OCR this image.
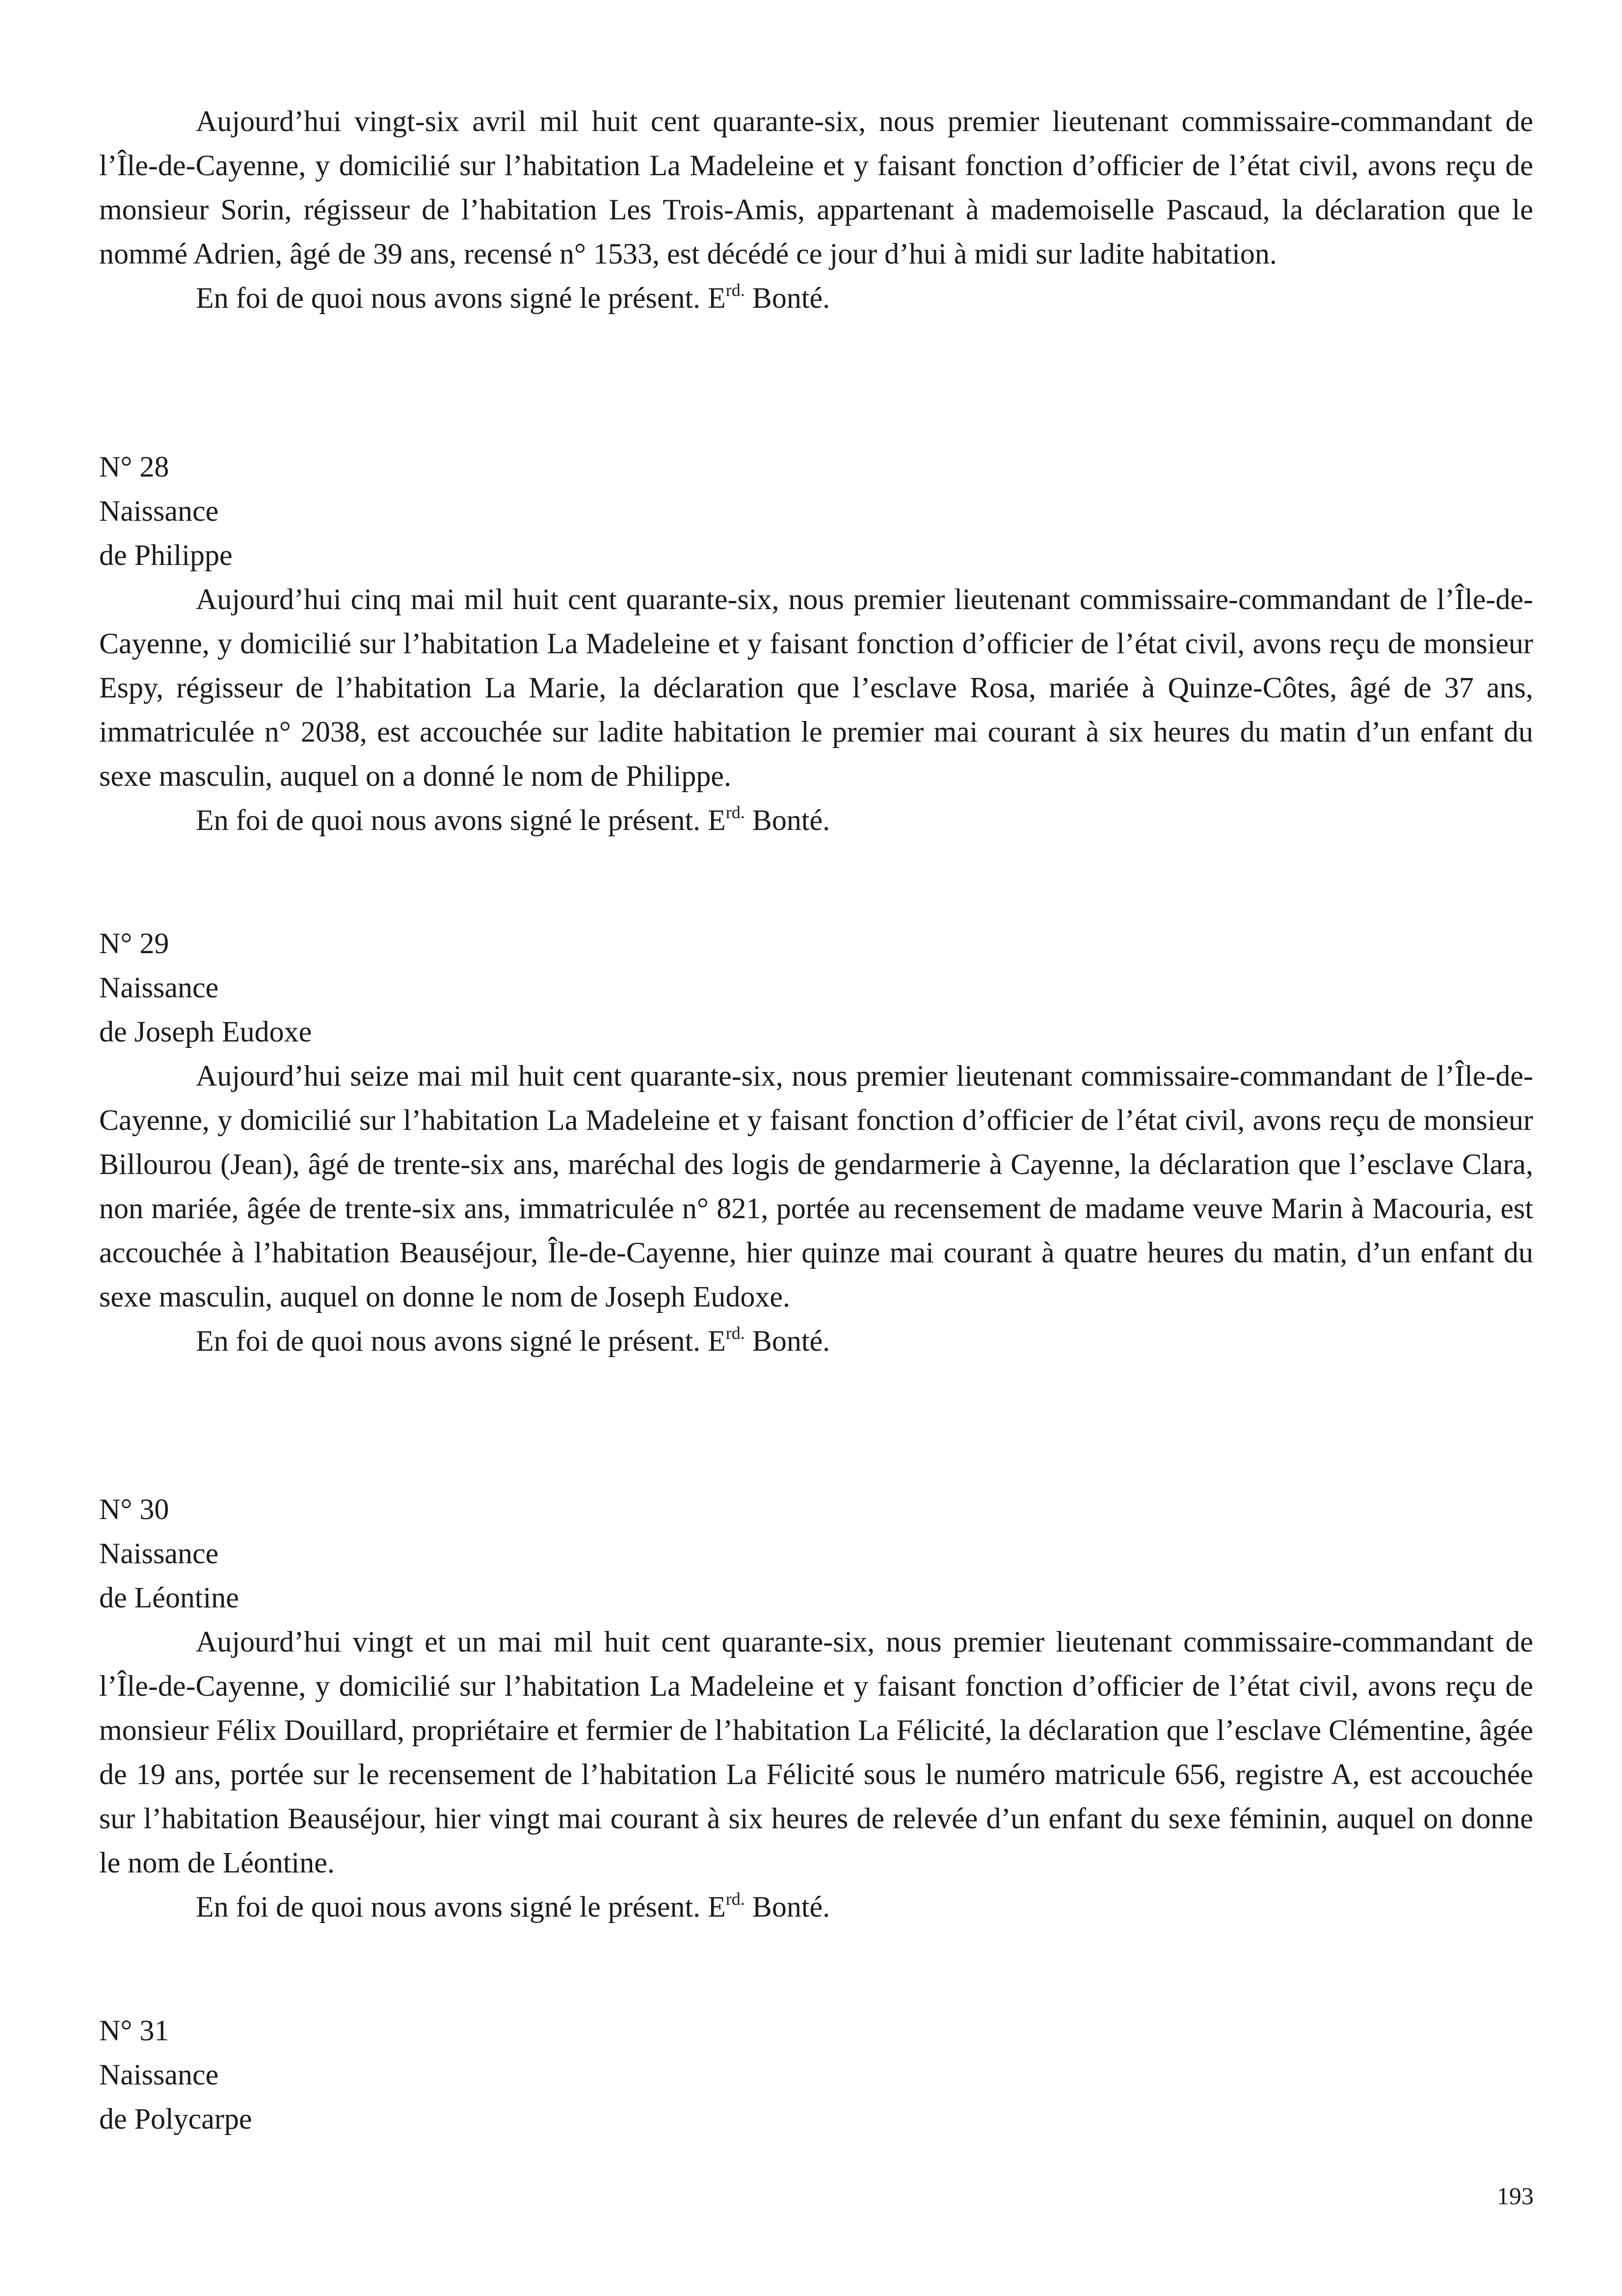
Aujourd’hui vingt-six avril mil huit cent quarante-six, nous premier lieutenant commissaire-commandant de l’Île-de-Cayenne, y domicilié sur l’habitation La Madeleine et y faisant fonction d’officier de l’état civil, avons reçu de monsieur Sorin, régisseur de l’habitation Les Trois-Amis, appartenant à mademoiselle Pascaud, la déclaration que le nommé Adrien, âgé de 39 ans, recensé n° 1533, est décédé ce jour d’hui à midi sur ladite habitation.

En foi de quoi nous avons signé le présent. $E^{rd.}$ Bonté.

N° 28

Naissance

de Philippe

Aujourd’hui cinq mai mil huit cent quarante-six, nous premier lieutenant commissaire-commandant de l’Île-de-Cayenne, y domicilié sur l’habitation La Madeleine et y faisant fonction d’officier de l’état civil, avons reçu de monsieur Espy, régisseur de l’habitation La Marie, la déclaration que l’esclave Rosa, mariée à Quinze-Côtes, âgé de 37 ans, immatriculée n° 2038, est accouchée sur ladite habitation le premier mai courant à six heures du matin d’un enfant du sexe masculin, auquel on a donné le nom de Philippe.

En foi de quoi nous avons signé le présent. $E^{rd.}$ Bonté.

N° 29

Naissance

de Joseph Eudoxe

Aujourd’hui seize mai mil huit cent quarante-six, nous premier lieutenant commissaire-commandant de l’Île-de-Cayenne, y domicilié sur l’habitation La Madeleine et y faisant fonction d’officier de l’état civil, avons reçu de monsieur Billourou (Jean), âgé de trente-six ans, maréchal des logis de gendarmerie à Cayenne, la déclaration que l’esclave Clara, non mariée, âgée de trente-six ans, immatriculée n° 821, portée au recensement de madame veuve Marin à Macouria, est accouchée à l’habitation Beauséjour, Île-de-Cayenne, hier quinze mai courant à quatre heures du matin, d’un enfant du sexe masculin, auquel on donne le nom de Joseph Eudoxe.

En foi de quoi nous avons signé le présent. $E^{rd.}$ Bonté.

N° 30

Naissance

de Léontine

Aujourd’hui vingt et un mai mil huit cent quarante-six, nous premier lieutenant commissaire-commandant de l’Île-de-Cayenne, y domicilié sur l’habitation La Madeleine et y faisant fonction d’officier de l’état civil, avons reçu de monsieur Félix Douillard, propriétaire et fermier de l’habitation La Félicité, la déclaration que l’esclave Clémentine, âgée de 19 ans, portée sur le recensement de l’habitation La Félicité sous le numéro matricule 656, registre A, est accouchée sur l’habitation Beauséjour, hier vingt mai courant à six heures de relevée d’un enfant du sexe féminin, auquel on donne le nom de Léontine.

En foi de quoi nous avons signé le présent. $E^{rd.}$ Bonté.

N° 31

Naissance

de Polycarpe

193
